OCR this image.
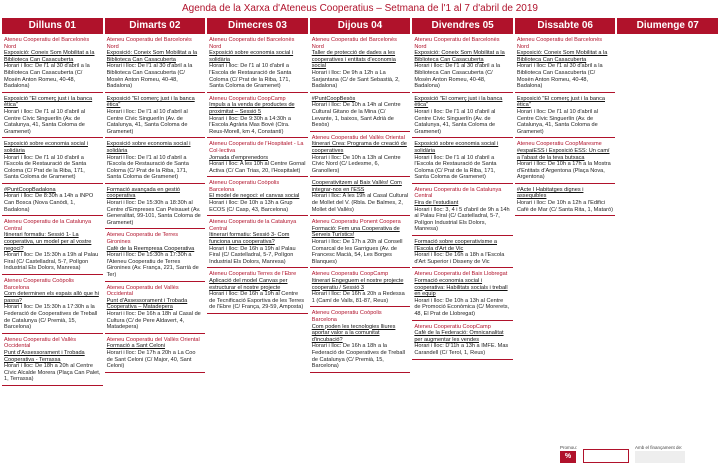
Agenda de la Xarxa d'Ateneus Cooperatius – Setmana de l'1 al 7 d'abril de 2019
Dilluns 01
Ateneu Cooperatiu del Barcelonès Nord
Exposició: Coneix Som Mobilitat a la Biblioteca Can Casacuberta
Horari i lloc: De l'1 al 30 d'abril a la Biblioteca Can Casacuberta (C/ Mosèn Anton Romeu, 40-48, Badalona)
Exposició "El comerç just i la banca ètica"
Horari i lloc: De l'1 al 10 d'abril al Centre Cívic Singuerlín (Av. de Catalunya, 41, Santa Coloma de Gramenet)
Exposició sobre economia social i solidària
Horari i lloc: De l'1 al 10 d'abril a l'Escola de Restauració de Santa Coloma (C/ Prat de la Riba, 171, Santa Coloma de Gramenet)
#PuntCoopBadalona
Horari i lloc: De 8:30h a 14h a INPO Can Bosca (Nova Canòdi, 1, Badalona)
Ateneu Cooperatiu de la Catalunya Central
Itinerari formatiu: Sessió 1- La cooperativa, un model per al vostre negoci?
Horari i lloc: De 15:30h a 19h al Palau Firal (C/ Castelladral, 5-7, Polígon Industrial Els Dolors, Manresa)
Ateneu Cooperatiu Coòpolis Barcelona
Com determinen els espais allò que hi passa?
Horari i lloc: De 15:30h a 17:30h a la Federació de Cooperatives de Treball de Catalunya (C/ Premià, 15, Barcelona)
Ateneu Cooperatiu del Vallès Occidental
Punt d'Assessorament i Trobada Cooperativa - Terrassa
Horari i lloc: De 18h a 20h al Centre Cívic Alcalde Morera (Plaça Can Palet, 1, Terrassa)
Dimarts 02
Ateneu Cooperatiu del Barcelonès Nord
Exposició: Coneix Som Mobilitat a la Biblioteca Can Casacuberta
Horari i lloc: De l'1 al 30 d'abril a la Biblioteca Can Casacuberta (C/ Mosèn Anton Romeu, 40-48, Badalona)
Exposició "El comerç just i la banca ètica"
Horari i lloc: De l'1 al 10 d'abril al Centre Cívic Singuerlín (Av. de Catalunya, 41, Santa Coloma de Gramenet)
Exposició sobre economia social i solidària
Horari i lloc: De l'1 al 10 d'abril a l'Escola de Restauració de Santa Coloma (C/ Prat de la Riba, 171, Santa Coloma de Gramenet)
Formació avançada en gestió cooperativa
Horari i lloc: De 15:30h a 18:30h al Centre d'Empreses Can Peixauet (Av. Generalitat, 99-101, Santa Coloma de Gramenet)
Ateneu Cooperatiu de Terres Gironines
Cafè de la Reempresa Cooperativa
Horari i lloc: De 15:30h a 17:30h a l'Ateneu Cooperatiu de Terres Gironines (Av. França, 221, Sarrià de Ter)
Ateneu Cooperatiu del Vallès Occidental
Punt d'Assessorament i Trobada Cooperativa – Matadepera
Horari i lloc: De 16h a 18h al Casal de Cultura (C/ de Pere Aldavert, 4, Matadepera)
Ateneu Cooperatiu del Vallès Oriental
Formació a Sant Celoni
Horari i lloc: De 17h a 20h a La Coo de Sant Celoni (C/ Major, 40, Sant Celoni)
Dimecres 03
Ateneu Cooperatiu del Barcelonès Nord
Exposició sobre economia social i solidària
Horari i lloc: De l'1 al 10 d'abril a l'Escola de Restauració de Santa Coloma (C/ Prat de la Riba, 171, Santa Coloma de Gramenet)
Ateneu Cooperatiu CoopCamp
Impuls a la venda de productes de proximitat – Sessió 5
Horari i lloc: De 9:30h a 14:30h a l'Escola Agrària Mas Bové (Ctra. Reus-Morell, km 4, Constantí)
Ateneu Cooperatiu de l'Hospitalet - La Col·lectiva
Jornada d'emprenedors
Horari i lloc: A les 10h al Centre Gornal Activa (C/ Can Trias, 20, l'Hospitalet)
Ateneu Cooperatiu Coòpolis Barcelona
El model de negoci: el canvas social
Horari i lloc: De 10h a 13h a Grup ECOS (C/ Casp, 43, Barcelona)
Ateneu Cooperatiu de la Catalunya Central
Itinerari formatiu: Sessió 3- Com funciona una cooperativa?
Horari i lloc: De 16h a 19h al Palau Firal (C/ Castelladral, 5-7, Polígon Industrial Els Dolors, Manresa)
Ateneu Cooperatiu Terres de l'Ebre
Aplicació del model Canvas per estructurar el nostre projecte
Horari i lloc: De 16h a 19h al Centre de Tecnificació Esportiva de les Terres de l'Ebre (C/ França, 29-59, Amposta)
Dijous 04
Ateneu Cooperatiu del Barcelonès Nord
Taller de protecció de dades a les cooperatives i entitats d'economia social
Horari i lloc: De 9h a 12h a La Sarjantana (C/ de Sant Sebastià, 2, Badalona)
#PuntCoopBesòs
Horari i lloc: De 10h a 14h al Centre Cultural Gitano de la Mina (C/ Levante, 1, baixos, Sant Adrià de Besòs)
Ateneu Cooperatiu del Vallès Oriental
Itinerari Crea: Programa de creació de cooperatives
Horari i lloc: De 10h a 13h al Centre Cívic Nord (C/ Ledesme, 6, Granollers)
Cooperativitzem al Baix Vallès! Com integrar-nos en l'ESS
Horari i lloc: A les 19h al Casal Cultural de Mollet del V. (Rbla. De Balmes, 2, Mollet del Vallès)
Ateneu Cooperatiu Ponent Coopera
Formació: Fem una Cooperativa de Serveis Turístics!
Horari i lloc: De 17h a 20h al Consell Comarcal de les Garrigues (Av. de Francesc Macià, 54, Les Borges Blanques)
Ateneu Cooperatiu CoopCamp
Itinerari Engeguem el nostre projecte cooperatiu / Sessió 3
Horari i lloc: De 16h a 20h a Redessa 1 (Camí de Valls, 81-87, Reus)
Ateneu Cooperatiu Coòpolis Barcelona
Com poden les tecnologies lliures aportar valor a la comunitat d'incubació?
Horari i lloc: De 16h a 18h a la Federació de Cooperatives de Treball de Catalunya (C/ Premià, 15, Barcelona)
Divendres 05
Ateneu Cooperatiu del Barcelonès Nord
Exposició: Coneix Som Mobilitat a la Biblioteca Can Casacuberta
Horari i lloc: De l'1 al 30 d'abril a la Biblioteca Can Casacuberta (C/ Mosèn Anton Romeu, 40-48, Badalona)
Exposició "El comerç just i la banca ètica"
Horari i lloc: De l'1 al 10 d'abril al Centre Cívic Singuerlín (Av. de Catalunya, 41, Santa Coloma de Gramenet)
Exposició sobre economia social i solidària
Horari i lloc: De l'1 al 10 d'abril a l'Escola de Restauració de Santa Coloma (C/ Prat de la Riba, 171, Santa Coloma de Gramenet)
Ateneu Cooperatiu de la Catalunya Central
Fira de l'estudiant
Horari i lloc: 3, 4 i 5 d'abril de 9h a 14h al Palau Firal (C/ Castelladral, 5-7, Polígon Industrial Els Dolors, Manresa)
Formació sobre cooperativisme a l'Escola d'Art de Vic
Horari i lloc: De 16h a 18h a l'Escola d'Art Superior i Disseny de Vic
Ateneu Cooperatiu del Baix Llobregat
Formació economia social i cooperativa: Habilitats socials i treball en equip
Horari i lloc: De 10h a 13h al Centre de Promoció Econòmica (C/ Morerets, 48, El Prat de Llobregat)
Ateneu Cooperatiu CoopCamp
Cafè de la Federació: Omnicanalitat per augmentar les vendes
Horari i lloc: D'11h a 13h a IMFE. Mas Carandell (C/ Terol, 1, Reus)
Dissabte 06
Ateneu Cooperatiu del Barcelonès Nord
Exposició: Coneix Som Mobilitat a la Biblioteca Can Casacuberta
Horari i lloc: De l'1 al 30 d'abril a la Biblioteca Can Casacuberta (C/ Mosèn Anton Romeu, 40-48, Badalona)
Exposició "El comerç just i la banca ètica"
Horari i lloc: De l'1 al 10 d'abril al Centre Cívic Singuerlín (Av. de Catalunya, 41, Santa Coloma de Gramenet)
Ateneu Cooperatiu CoopMaresme
#espaiESS i Exposició ESS: Un camí a l'abast de la teva butxaca
Horari i lloc: De 10h a 17h a la Mostra d'Entitats d'Argentona (Plaça Nova, Argentona)
#Acte I Habitatges dignes i assequibles
Horari i lloc: De 10h a 12h a l'Edifici Cafè de Mar (C/ Santa Rita, 1, Mataró)
Diumenge 07
Promou:
%
Amb el finançament de:
